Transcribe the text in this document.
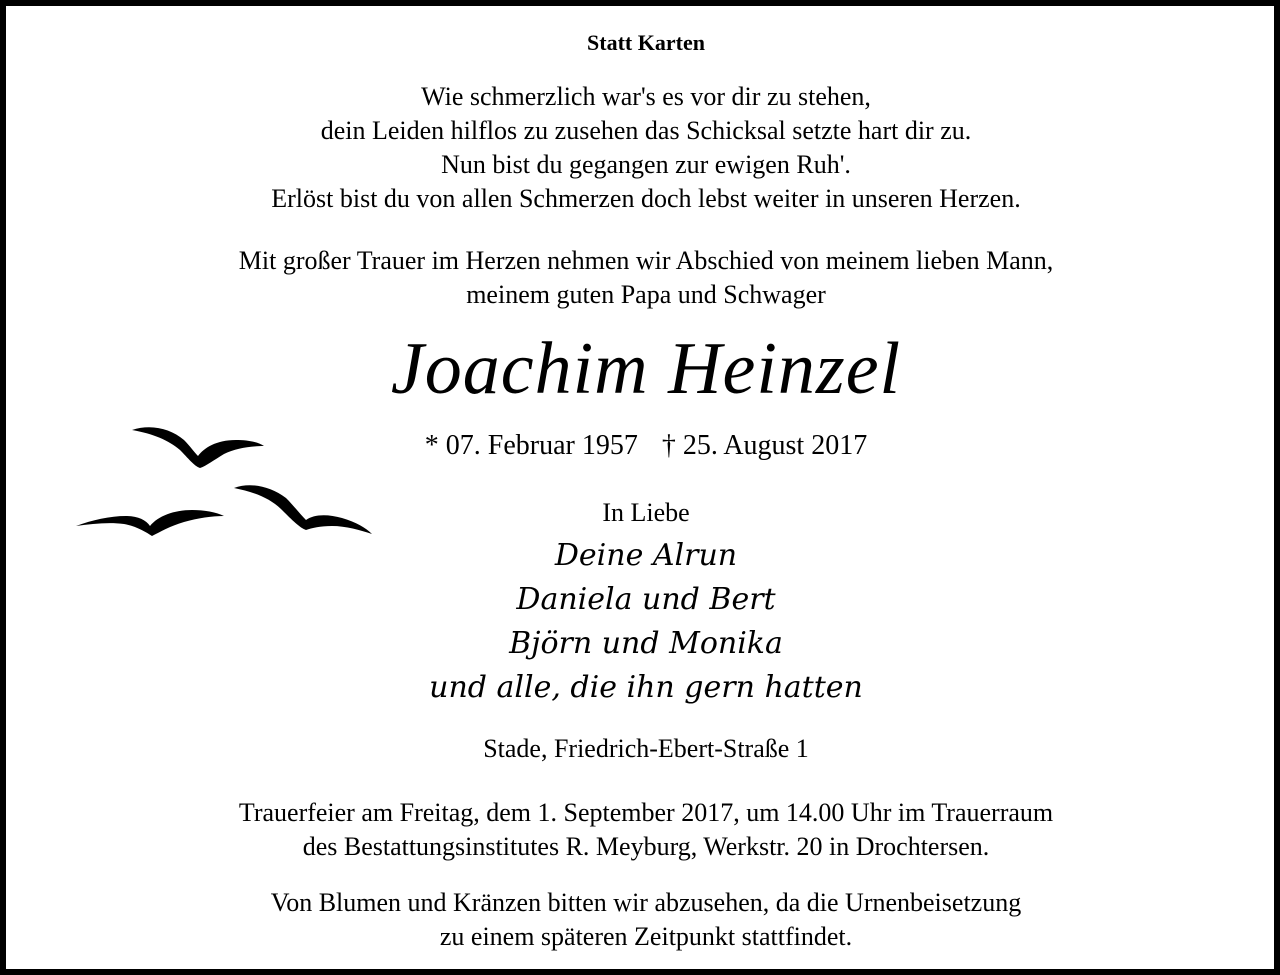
Statt Karten
Wie schmerzlich war's es vor dir zu stehen,
dein Leiden hilflos zu zusehen das Schicksal setzte hart dir zu.
Nun bist du gegangen zur ewigen Ruh'.
Erlöst bist du von allen Schmerzen doch lebst weiter in unseren Herzen.
Mit großer Trauer im Herzen nehmen wir Abschied von meinem lieben Mann,
meinem guten Papa und Schwager
Joachim Heinzel
* 07. Februar 1957 † 25. August 2017
In Liebe
Deine Alrun
Daniela und Bert
Björn und Monika
und alle, die ihn gern hatten
Stade, Friedrich-Ebert-Straße 1
Trauerfeier am Freitag, dem 1. September 2017, um 14.00 Uhr im Trauerraum
des Bestattungsinstitutes R. Meyburg, Werkstr. 20 in Drochtersen.
Von Blumen und Kränzen bitten wir abzusehen, da die Urnenbeisetzung
zu einem späteren Zeitpunkt stattfindet.
